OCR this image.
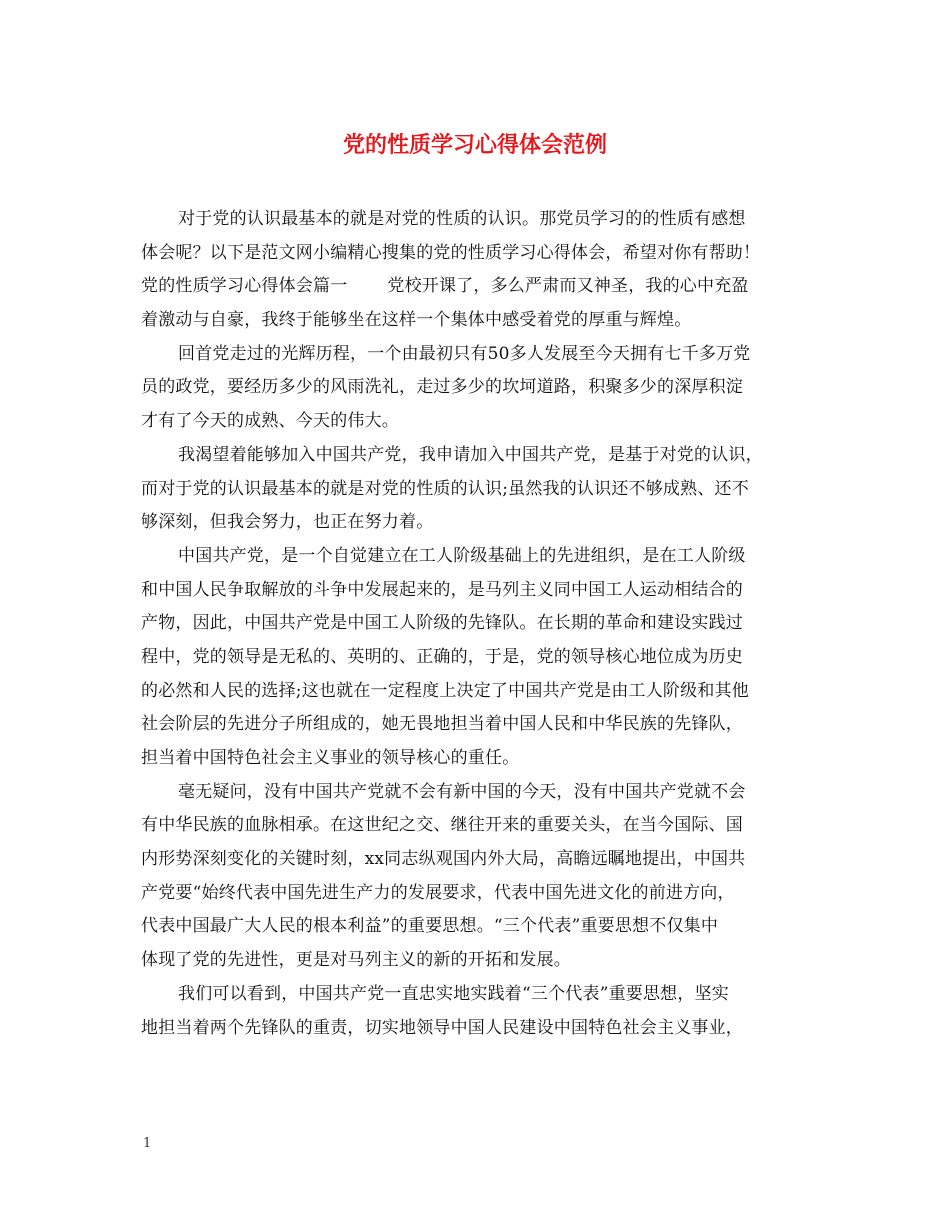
党的性质学习心得体会范例
对于党的认识最基本的就是对党的性质的认识。那党员学习的的性质有感想
体会呢？以下是范文网小编精心搜集的党的性质学习心得体会，希望对你有帮助！
党的性质学习心得体会篇一 党校开课了，多么严肃而又神圣，我的心中充盈
着激动与自豪，我终于能够坐在这样一个集体中感受着党的厚重与辉煌。
回首党走过的光辉历程，一个由最初只有50多人发展至今天拥有七千多万党
员的政党，要经历多少的风雨洗礼，走过多少的坎坷道路，积聚多少的深厚积淀
才有了今天的成熟、今天的伟大。
我渴望着能够加入中国共产党，我申请加入中国共产党，是基于对党的认识，
而对于党的认识最基本的就是对党的性质的认识;虽然我的认识还不够成熟、还不
够深刻，但我会努力，也正在努力着。
中国共产党，是一个自觉建立在工人阶级基础上的先进组织，是在工人阶级
和中国人民争取解放的斗争中发展起来的，是马列主义同中国工人运动相结合的
产物，因此，中国共产党是中国工人阶级的先锋队。在长期的革命和建设实践过
程中，党的领导是无私的、英明的、正确的，于是，党的领导核心地位成为历史
的必然和人民的选择;这也就在一定程度上决定了中国共产党是由工人阶级和其他
社会阶层的先进分子所组成的，她无畏地担当着中国人民和中华民族的先锋队，
担当着中国特色社会主义事业的领导核心的重任。
毫无疑问，没有中国共产党就不会有新中国的今天，没有中国共产党就不会
有中华民族的血脉相承。在这世纪之交、继往开来的重要关头，在当今国际、国
内形势深刻变化的关键时刻，xx同志纵观国内外大局，高瞻远瞩地提出，中国共
产党要“始终代表中国先进生产力的发展要求，代表中国先进文化的前进方向，
代表中国最广大人民的根本利益”的重要思想。“三个代表”重要思想不仅集中
体现了党的先进性，更是对马列主义的新的开拓和发展。
我们可以看到，中国共产党一直忠实地实践着“三个代表”重要思想，坚实
地担当着两个先锋队的重责，切实地领导中国人民建设中国特色社会主义事业，
1
